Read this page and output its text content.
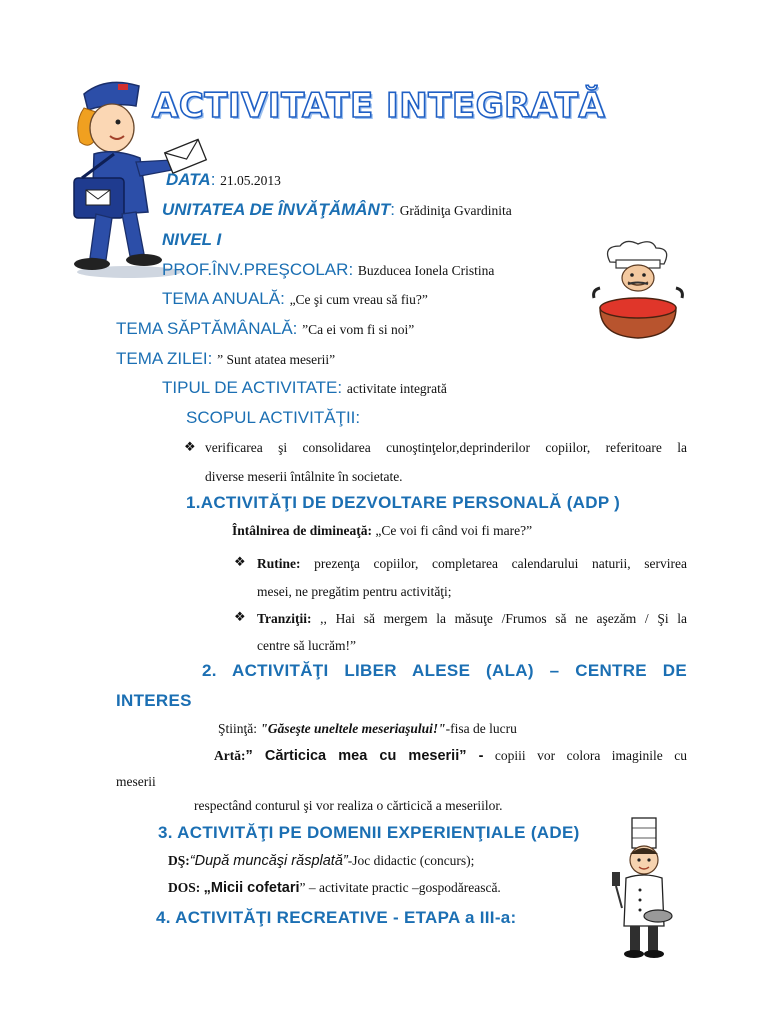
ACTIVITATE INTEGRATĂ
DATA: 21.05.2013
UNITATEA DE ÎNVĂŢĂMÂNT: Grădiniţa Gvardinita
NIVEL I
PROF.ÎNV.PREŞCOLAR: Buzducea Ionela Cristina
TEMA ANUALĂ: „Ce şi cum vreau să fiu?”
TEMA SĂPTĂMÂNALĂ: ”Ca ei vom fi si noi”
TEMA ZILEI: ” Sunt atatea meserii”
TIPUL DE ACTIVITATE: activitate integrată
SCOPUL ACTIVITĂŢII:
❖ verificarea şi consolidarea cunoştinţelor,deprinderilor copiilor, referitoare la
diverse meserii întâlnite în societate.
1.ACTIVITĂŢI DE DEZVOLTARE PERSONALĂ (ADP )
Întâlnirea de dimineaţă: „Ce voi fi când voi fi mare?”
❖ Rutine: prezenţa copiilor, completarea calendarului naturii, servirea
mesei, ne pregătim pentru activităţi;
❖ Tranziţii: ,, Hai să mergem la măsuţe /Frumos să ne aşezăm / Şi la
centre să lucrăm!”
2. ACTIVITĂŢI LIBER ALESE (ALA) – CENTRE DE
INTERES
Ştiinţă: "Găseşte uneltele meseriaşului!"-fisa de lucru
Artă:” Cărticica mea cu meserii” - copiii vor colora imaginile cu
meserii
respectând conturul şi vor realiza o cărticică a meseriilor.
3. ACTIVITĂŢI PE DOMENII EXPERIENŢIALE (ADE)
DŞ:“După muncăşi răsplată”-Joc didactic (concurs);
DOS: „Micii cofetari” – activitate practic –gospodărească.
4. ACTIVITĂŢI RECREATIVE - ETAPA a III-a:
